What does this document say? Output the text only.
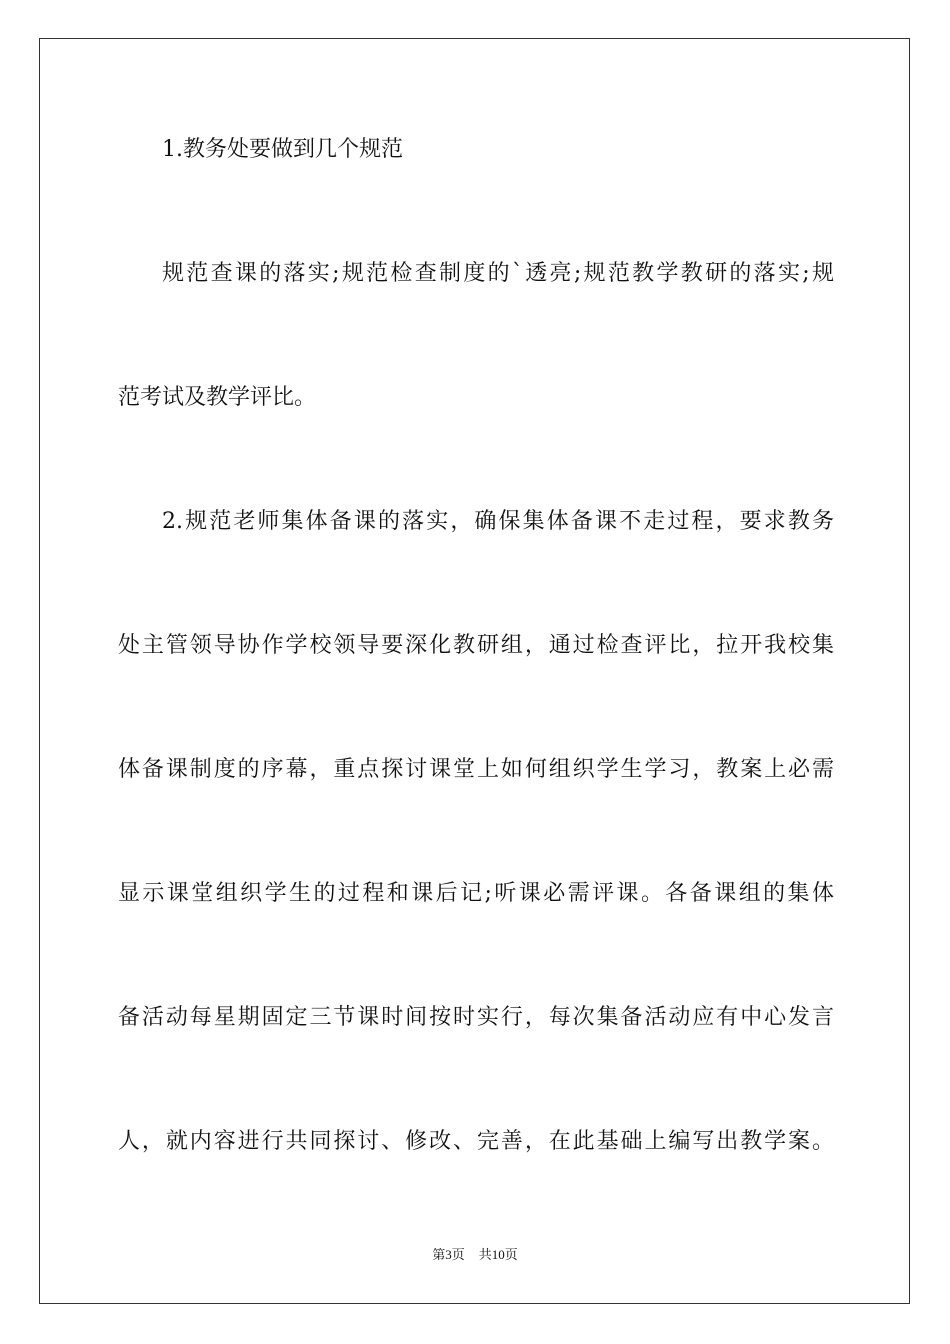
1.教务处要做到几个规范
规范查课的落实;规范检查制度的`透亮;规范教学教研的落实;规
范考试及教学评比。
2.规范老师集体备课的落实，确保集体备课不走过程，要求教务
处主管领导协作学校领导要深化教研组，通过检查评比，拉开我校集
体备课制度的序幕，重点探讨课堂上如何组织学生学习，教案上必需
显示课堂组织学生的过程和课后记;听课必需评课。各备课组的集体
备活动每星期固定三节课时间按时实行，每次集备活动应有中心发言
人，就内容进行共同探讨、修改、完善，在此基础上编写出教学案。
第3页 共10页
